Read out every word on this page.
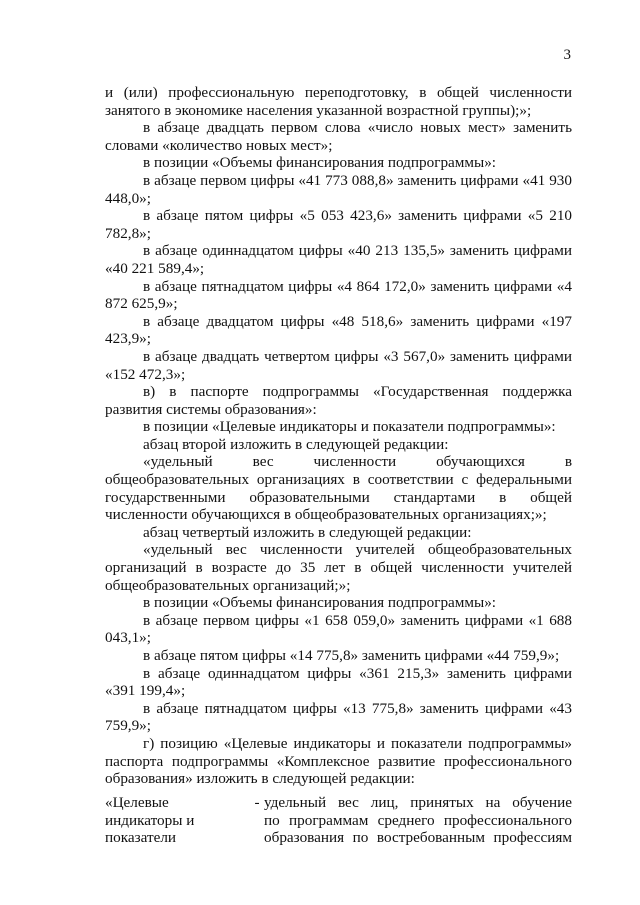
3

и (или) профессиональную переподготовку, в общей численности занятого в экономике населения указанной возрастной группы);»;

в абзаце двадцать первом слова «число новых мест» заменить словами «количество новых мест»;

в позиции «Объемы финансирования подпрограммы»:

в абзаце первом цифры «41 773 088,8» заменить цифрами «41 930 448,0»;

в абзаце пятом цифры «5 053 423,6» заменить цифрами «5 210 782,8»;

в абзаце одиннадцатом цифры «40 213 135,5» заменить цифрами «40 221 589,4»;

в абзаце пятнадцатом цифры «4 864 172,0» заменить цифрами «4 872 625,9»;

в абзаце двадцатом цифры «48 518,6» заменить цифрами «197 423,9»;

в абзаце двадцать четвертом цифры «3 567,0» заменить цифрами «152 472,3»;

в) в паспорте подпрограммы «Государственная поддержка развития системы образования»:

в позиции «Целевые индикаторы и показатели подпрограммы»:

абзац второй изложить в следующей редакции:

«удельный вес численности обучающихся в общеобразовательных организациях в соответствии с федеральными государственными образовательными стандартами в общей численности обучающихся в общеобразовательных организациях;»;

абзац четвертый изложить в следующей редакции:

«удельный вес численности учителей общеобразовательных организаций в возрасте до 35 лет в общей численности учителей общеобразовательных организаций;»;

в позиции «Объемы финансирования подпрограммы»:

в абзаце первом цифры «1 658 059,0» заменить цифрами «1 688 043,1»;

в абзаце пятом цифры «14 775,8» заменить цифрами «44 759,9»;

в абзаце одиннадцатом цифры «361 215,3» заменить цифрами «391 199,4»;

в абзаце пятнадцатом цифры «13 775,8» заменить цифрами «43 759,9»;

г) позицию «Целевые индикаторы и показатели подпрограммы» паспорта подпрограммы «Комплексное развитие профессионального образования» изложить в следующей редакции:

«Целевые
индикаторы и
показатели
- удельный вес лиц, принятых на обучение
по программам среднего профессионального
образования по востребованным профессиям
